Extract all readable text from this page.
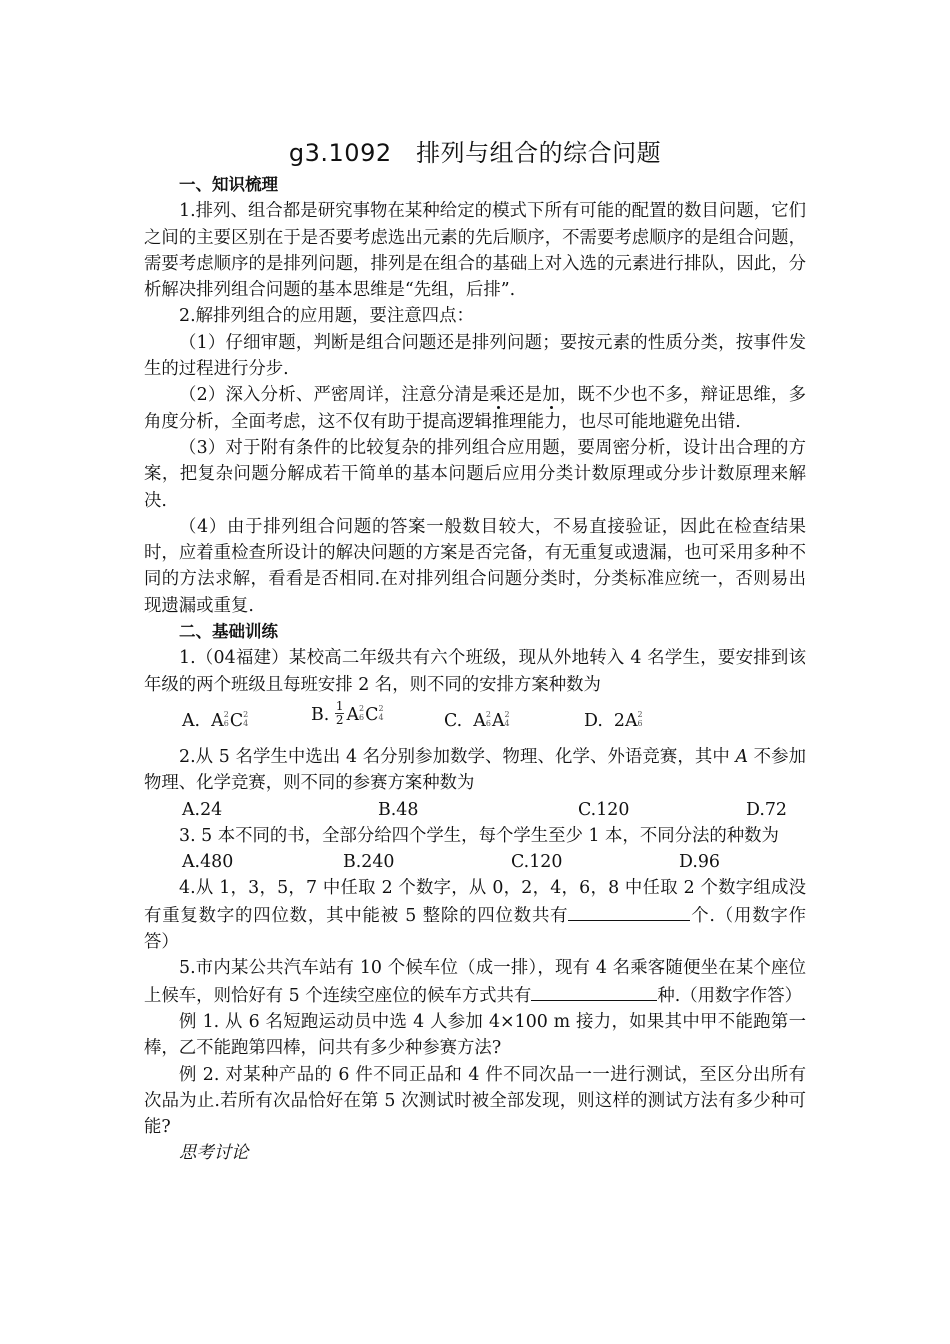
g3.1092　排列与组合的综合问题

一、知识梳理

1.排列、组合都是研究事物在某种给定的模式下所有可能的配置的数目问题，它们之间的主要区别在于是否要考虑选出元素的先后顺序，不需要考虑顺序的是组合问题，需要考虑顺序的是排列问题，排列是在组合的基础上对入选的元素进行排队，因此，分析解决排列组合问题的基本思维是“先组，后排”.

2.解排列组合的应用题，要注意四点：

（1）仔细审题，判断是组合问题还是排列问题；要按元素的性质分类，按事件发生的过程进行分步.

（2）深入分析、严密周详，注意分清是乘还是加，既不少也不多，辩证思维，多角度分析，全面考虑，这不仅有助于提高逻辑推理能力，也尽可能地避免出错.

（3）对于附有条件的比较复杂的排列组合应用题，要周密分析，设计出合理的方案，把复杂问题分解成若干简单的基本问题后应用分类计数原理或分步计数原理来解决.

（4）由于排列组合问题的答案一般数目较大，不易直接验证，因此在检查结果时，应着重检查所设计的解决问题的方案是否完备，有无重复或遗漏，也可采用多种不同的方法求解，看看是否相同.在对排列组合问题分类时，分类标准应统一，否则易出现遗漏或重复.

二、基础训练

1.（04福建）某校高二年级共有六个班级，现从外地转入 4 名学生，要安排到该年级的两个班级且每班安排 2 名，则不同的安排方案种数为

A. A 2
6 C 2
4	B. $\frac{1}{2}$ A 2
6 C 2
4	C. A 2
6 A 2
4	D. 2A 2
6

2.从 5 名学生中选出 4 名分别参加数学、物理、化学、外语竞赛，其中 A 不参加物理、化学竞赛，则不同的参赛方案种数为

A.24	B.48	C.120	D.72

3. 5 本不同的书，全部分给四个学生，每个学生至少 1 本，不同分法的种数为

A.480	B.240	C.120	D.96

4.从 1，3，5，7 中任取 2 个数字，从 0，2，4，6，8 中任取 2 个数字组成没有重复数字的四位数，其中能被 5 整除的四位数共有	个.（用数字作答）

5.市内某公共汽车站有 10 个候车位（成一排），现有 4 名乘客随便坐在某个座位上候车，则恰好有 5 个连续空座位的候车方式共有	种.（用数字作答）

例 1. 从 6 名短跑运动员中选 4 人参加 4×100 m 接力，如果其中甲不能跑第一棒，乙不能跑第四棒，问共有多少种参赛方法?

例 2. 对某种产品的 6 件不同正品和 4 件不同次品一一进行测试，至区分出所有次品为止.若所有次品恰好在第 5 次测试时被全部发现，则这样的测试方法有多少种可能?

思考讨论
